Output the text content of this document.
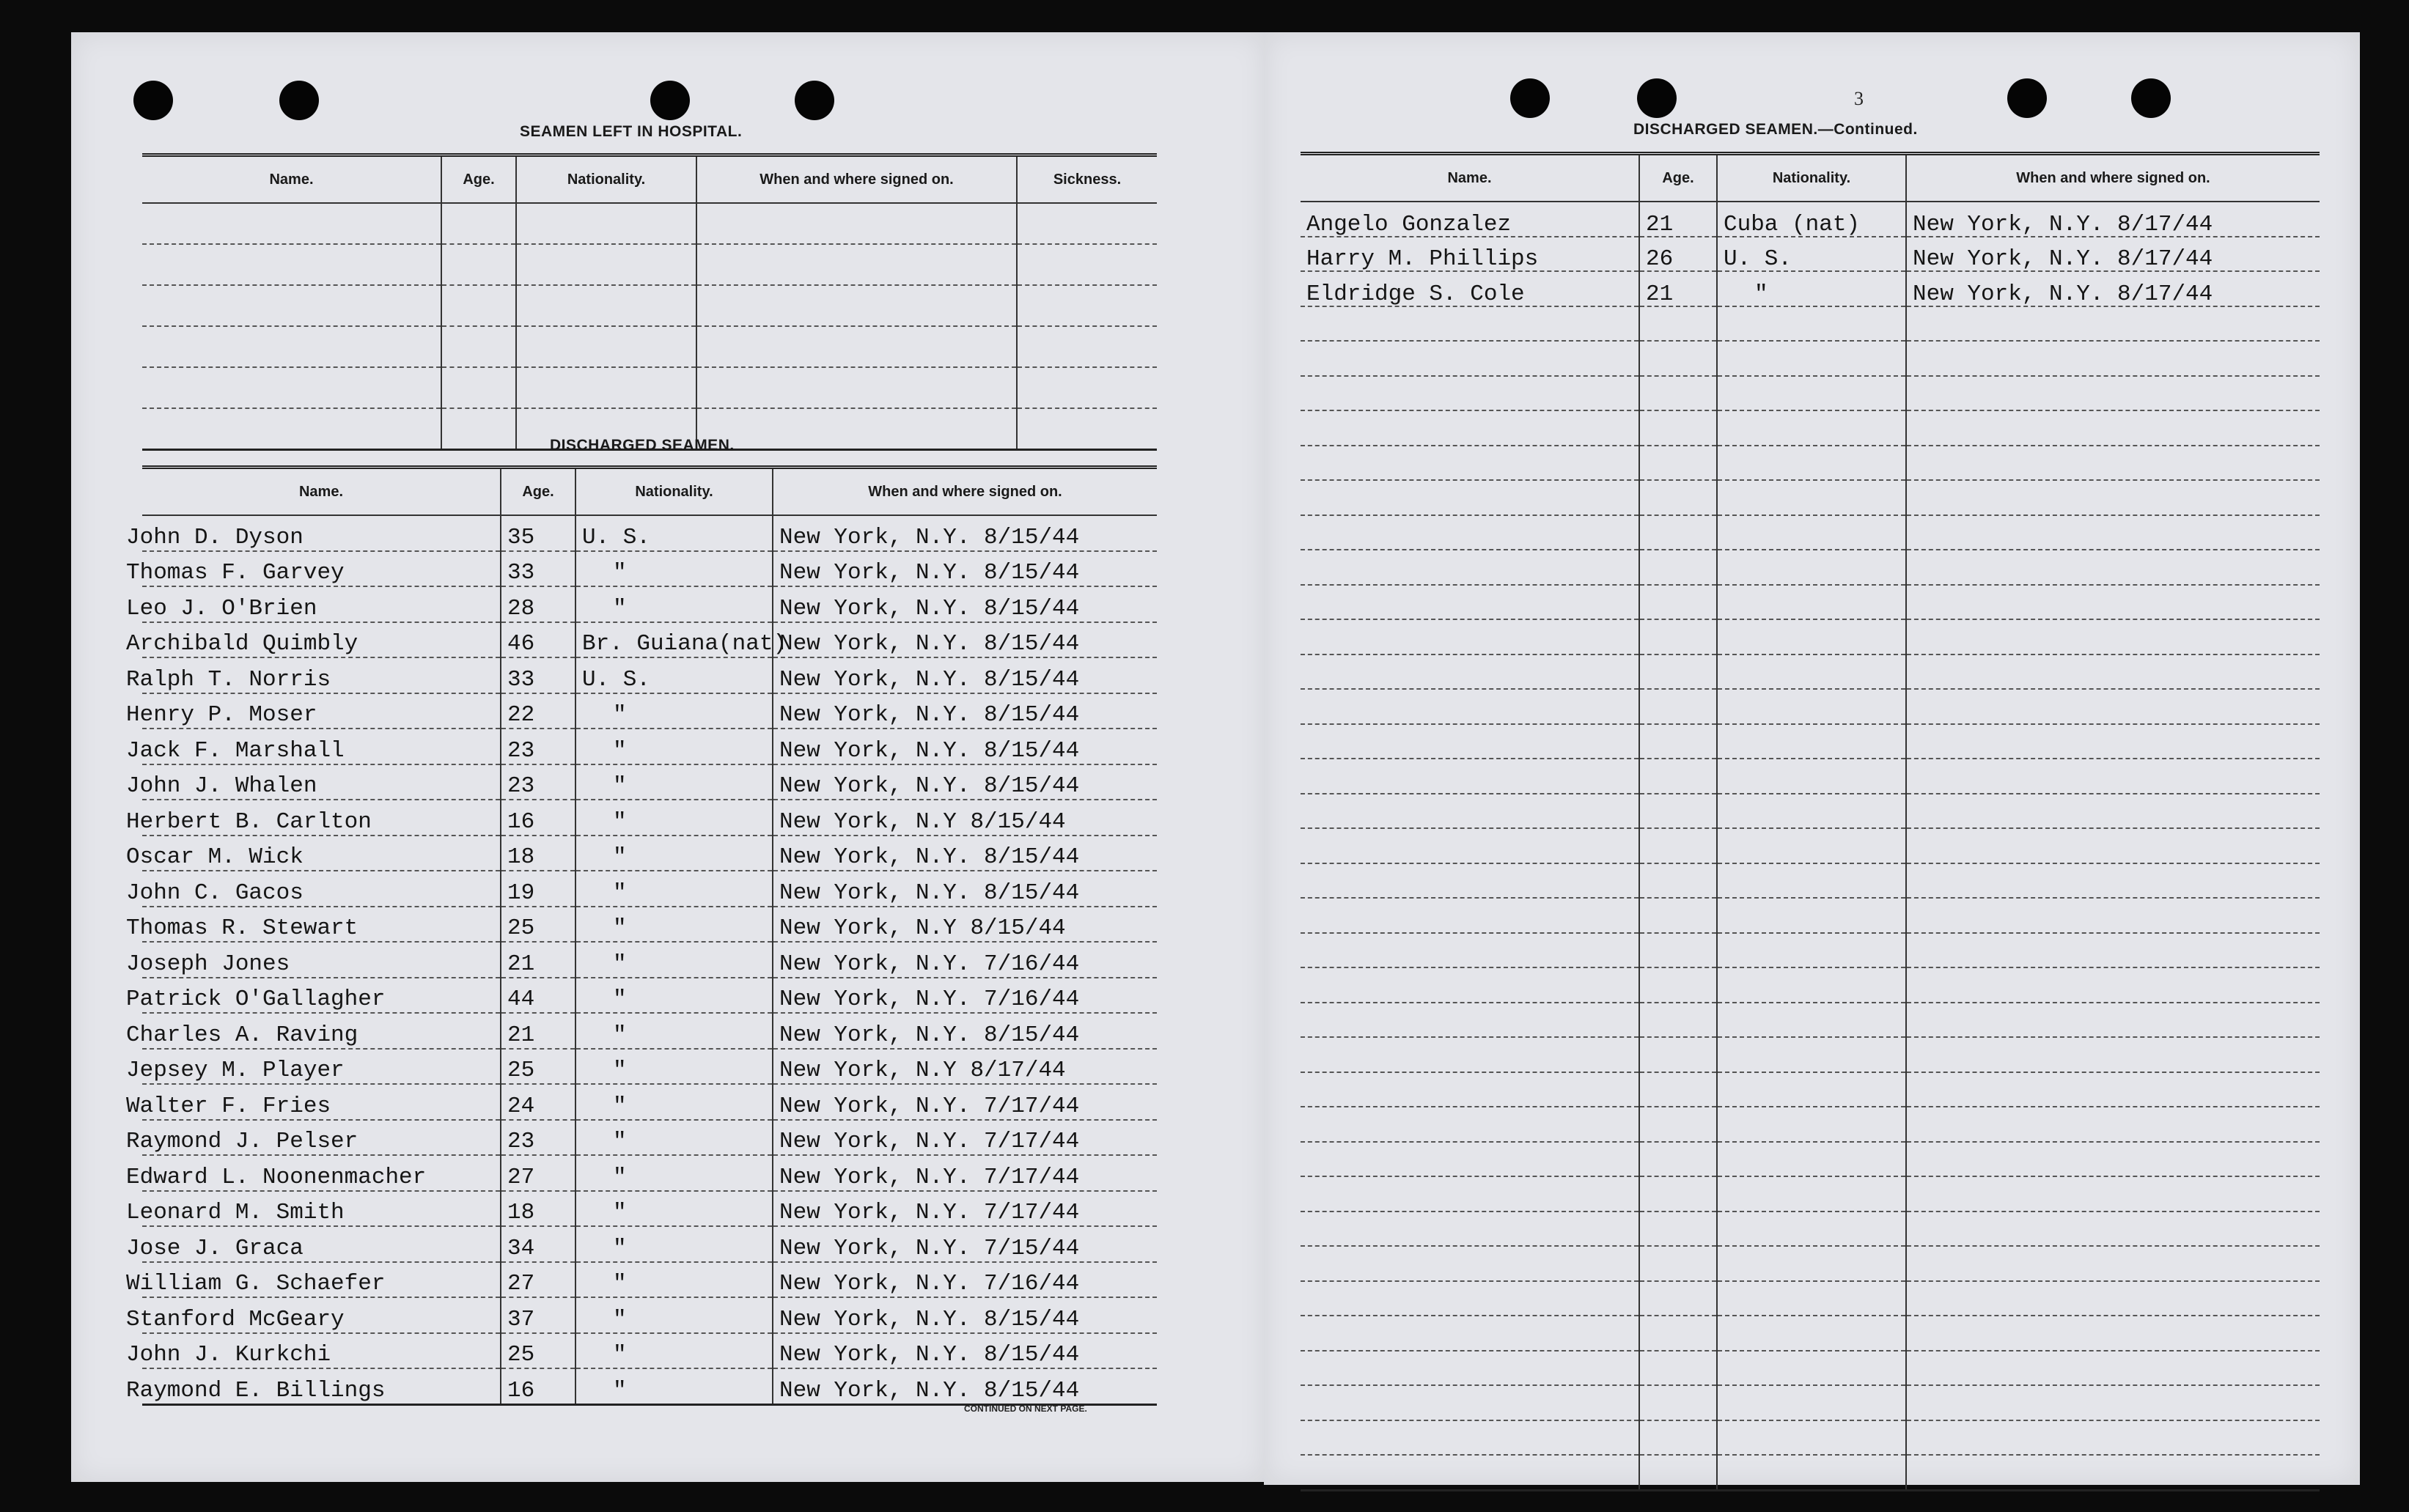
SEAMEN LEFT IN HOSPITAL.
Name.	Age.	Nationality.	When and where signed on.	Sickness.

DISCHARGED SEAMEN.
Name.	Age.	Nationality.	When and where signed on.
John D. Dyson	35	U. S.	New York, N.Y. 8/15/44
Thomas F. Garvey	33	"	New York, N.Y. 8/15/44
Leo J. O'Brien	28	"	New York, N.Y. 8/15/44
Archibald Quimbly	46	Br. Guiana(nat)	New York, N.Y. 8/15/44
Ralph T. Norris	33	U. S.	New York, N.Y. 8/15/44
Henry P. Moser	22	"	New York, N.Y. 8/15/44
Jack F. Marshall	23	"	New York, N.Y. 8/15/44
John J. Whalen	23	"	New York, N.Y. 8/15/44
Herbert B. Carlton	16	"	New York, N.Y 8/15/44
Oscar M. Wick	18	"	New York, N.Y. 8/15/44
John C. Gacos	19	"	New York, N.Y. 8/15/44
Thomas R. Stewart	25	"	New York, N.Y 8/15/44
Joseph Jones	21	"	New York, N.Y. 7/16/44
Patrick O'Gallagher	44	"	New York, N.Y. 7/16/44
Charles A. Raving	21	"	New York, N.Y. 8/15/44
Jepsey M. Player	25	"	New York, N.Y 8/17/44
Walter F. Fries	24	"	New York, N.Y. 7/17/44
Raymond J. Pelser	23	"	New York, N.Y. 7/17/44
Edward L. Noonenmacher	27	"	New York, N.Y. 7/17/44
Leonard M. Smith	18	"	New York, N.Y. 7/17/44
Jose J. Graca	34	"	New York, N.Y. 7/15/44
William G. Schaefer	27	"	New York, N.Y. 7/16/44
Stanford McGeary	37	"	New York, N.Y. 8/15/44
John J. Kurkchi	25	"	New York, N.Y. 8/15/44
Raymond E. Billings	16	"	New York, N.Y. 8/15/44
CONTINUED ON NEXT PAGE.
3
DISCHARGED SEAMEN.—Continued.
Name.	Age.	Nationality.	When and where signed on.
Angelo Gonzalez	21	Cuba (nat)	New York, N.Y. 8/17/44
Harry M. Phillips	26	U. S.	New York, N.Y. 8/17/44
Eldridge S. Cole	21	"	New York, N.Y. 8/17/44
